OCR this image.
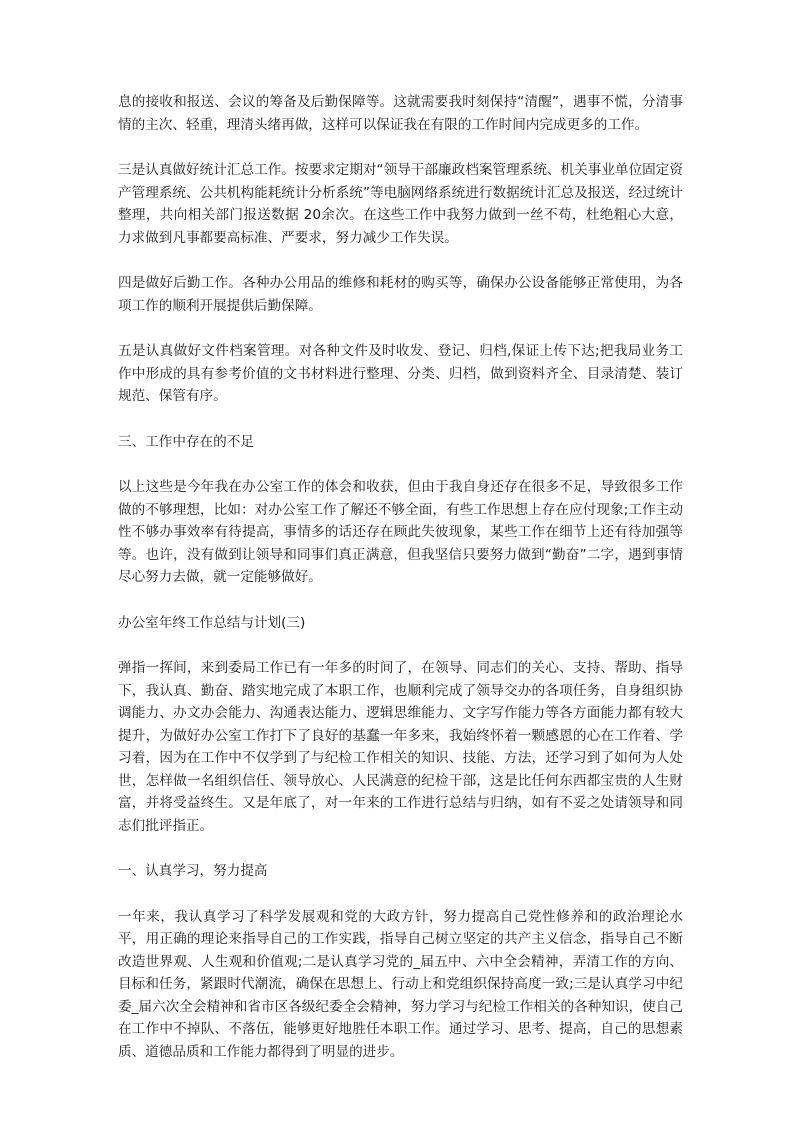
息的接收和报送、会议的筹备及后勤保障等。这就需要我时刻保持“清醒”，遇事不慌，分清事情的主次、轻重，理清头绪再做，这样可以保证我在有限的工作时间内完成更多的工作。

三是认真做好统计汇总工作。按要求定期对“领导干部廉政档案管理系统、机关事业单位固定资产管理系统、公共机构能耗统计分析系统”等电脑网络系统进行数据统计汇总及报送，经过统计整理，共向相关部门报送数据 20余次。在这些工作中我努力做到一丝不苟，杜绝粗心大意，力求做到凡事都要高标准、严要求，努力减少工作失误。

四是做好后勤工作。各种办公用品的维修和耗材的购买等，确保办公设备能够正常使用，为各项工作的顺利开展提供后勤保障。

五是认真做好文件档案管理。对各种文件及时收发、登记、归档,保证上传下达;把我局业务工作中形成的具有参考价值的文书材料进行整理、分类、归档，做到资料齐全、目录清楚、装订规范、保管有序。

三、工作中存在的不足

以上这些是今年我在办公室工作的体会和收获，但由于我自身还存在很多不足，导致很多工作做的不够理想，比如：对办公室工作了解还不够全面，有些工作思想上存在应付现象;工作主动性不够办事效率有待提高，事情多的话还存在顾此失彼现象，某些工作在细节上还有待加强等等。也许，没有做到让领导和同事们真正满意，但我坚信只要努力做到“勤奋”二字，遇到事情尽心努力去做，就一定能够做好。

办公室年终工作总结与计划(三)

弹指一挥间，来到委局工作已有一年多的时间了，在领导、同志们的关心、支持、帮助、指导下，我认真、勤奋、踏实地完成了本职工作，也顺利完成了领导交办的各项任务，自身组织协调能力、办文办会能力、沟通表达能力、逻辑思维能力、文字写作能力等各方面能力都有较大提升，为做好办公室工作打下了良好的基蠢一年多来，我始终怀着一颗感恩的心在工作着、学习着，因为在工作中不仅学到了与纪检工作相关的知识、技能、方法，还学习到了如何为人处世，怎样做一名组织信任、领导放心、人民满意的纪检干部，这是比任何东西都宝贵的人生财富，并将受益终生。又是年底了，对一年来的工作进行总结与归纳，如有不妥之处请领导和同志们批评指正。

一、认真学习，努力提高

一年来，我认真学习了科学发展观和党的大政方针，努力提高自己党性修养和的政治理论水平，用正确的理论来指导自己的工作实践，指导自己树立坚定的共产主义信念，指导自己不断改造世界观、人生观和价值观;二是认真学习党的_届五中、六中全会精神，弄清工作的方向、目标和任务，紧跟时代潮流，确保在思想上、行动上和党组织保持高度一致;三是认真学习中纪委_届六次全会精神和省市区各级纪委全会精神，努力学习与纪检工作相关的各种知识，使自己在工作中不掉队、不落伍，能够更好地胜任本职工作。通过学习、思考、提高，自己的思想素质、道德品质和工作能力都得到了明显的进步。
